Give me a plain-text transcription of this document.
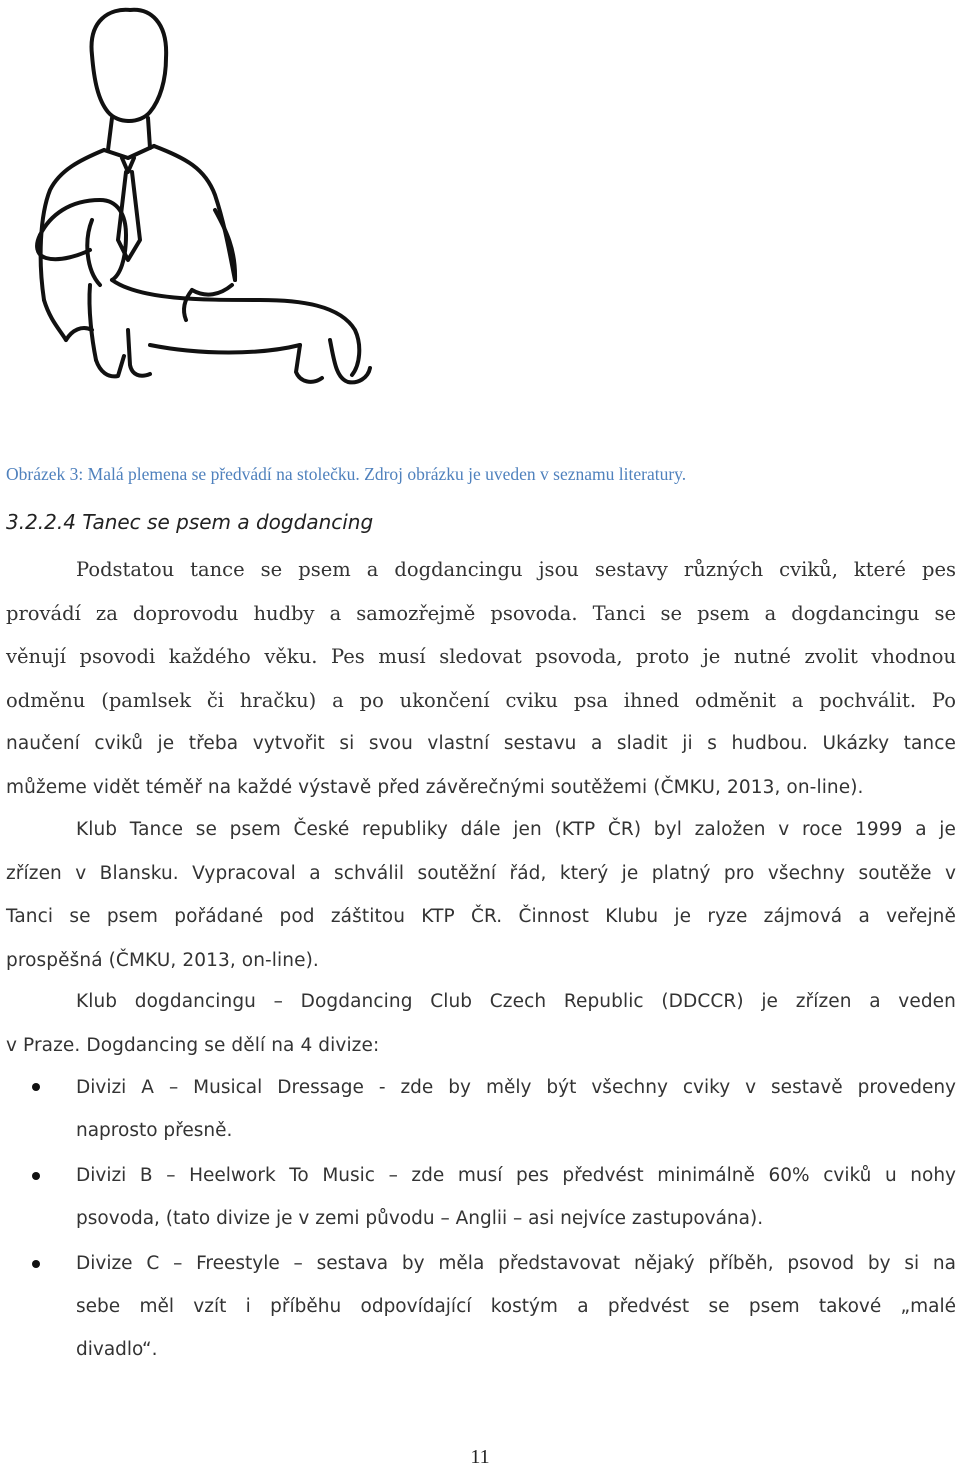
Obrázek 3: Malá plemena se předvádí na stolečku. Zdroj obrázku je uveden v seznamu literatury.
3.2.2.4 Tanec se psem a dogdancing
Podstatou tance se psem a dogdancingu jsou sestavy různých cviků, které pes
provádí za doprovodu hudby a samozřejmě psovoda. Tanci se psem a dogdancingu se
věnují psovodi každého věku. Pes musí sledovat psovoda, proto je nutné zvolit vhodnou
odměnu (pamlsek či hračku) a po ukončení cviku psa ihned odměnit a pochválit. Po
naučení cviků je třeba vytvořit si svou vlastní sestavu a sladit ji s hudbou. Ukázky tance
můžeme vidět téměř na každé výstavě před závěrečnými soutěžemi (ČMKU, 2013, on-line).
Klub Tance se psem České republiky dále jen (KTP ČR) byl založen v roce 1999 a je
zřízen v Blansku. Vypracoval a schválil soutěžní řád, který je platný pro všechny soutěže v
Tanci se psem pořádané pod záštitou KTP ČR. Činnost Klubu je ryze zájmová a veřejně
prospěšná (ČMKU, 2013, on-line).
Klub dogdancingu – Dogdancing Club Czech Republic (DDCCR) je zřízen a veden
v Praze. Dogdancing se dělí na 4 divize:
Divizi A – Musical Dressage - zde by měly být všechny cviky v sestavě provedeny
naprosto přesně.
Divizi B – Heelwork To Music – zde musí pes předvést minimálně 60% cviků u nohy
psovoda, (tato divize je v zemi původu – Anglii – asi nejvíce zastupována).
Divize C – Freestyle – sestava by měla představovat nějaký příběh, psovod by si na
sebe měl vzít i příběhu odpovídající kostým a předvést se psem takové „malé
divadlo“.
11
